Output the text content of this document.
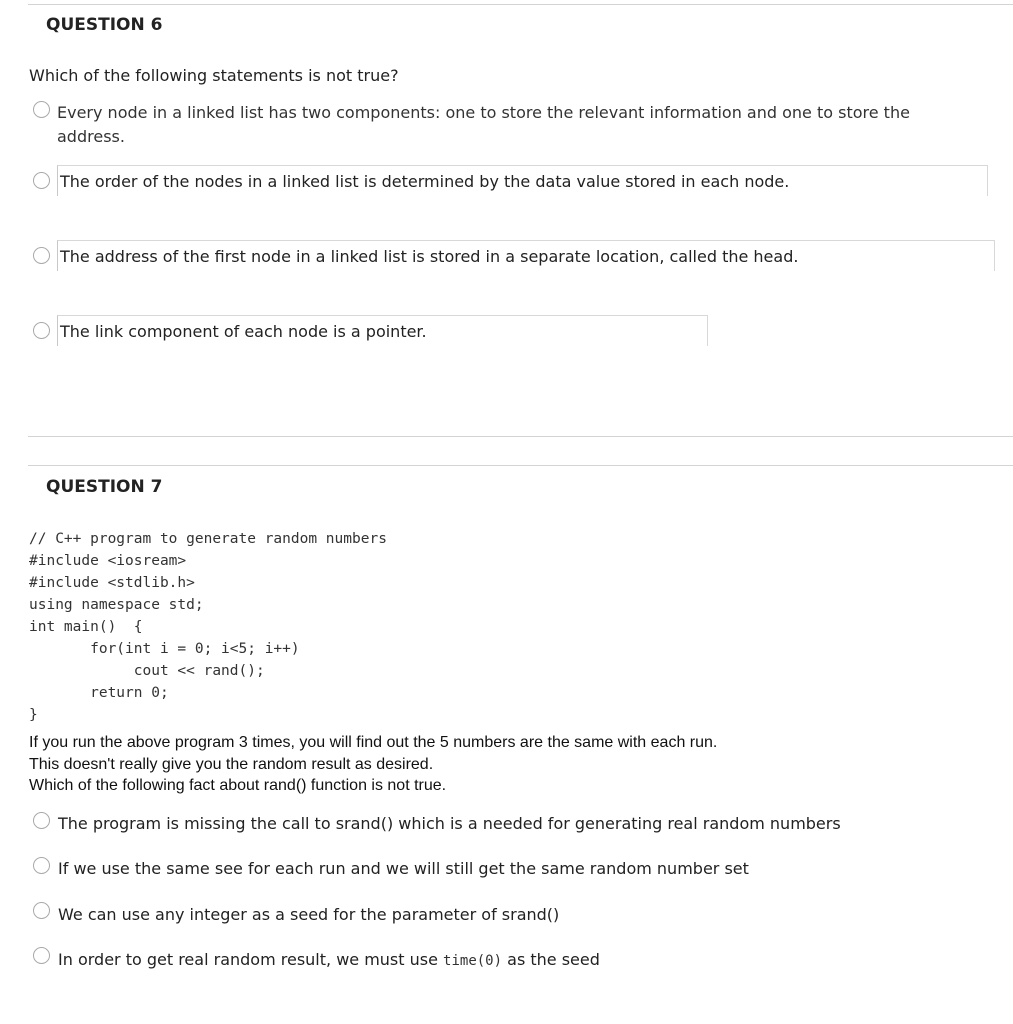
QUESTION 6
Which of the following statements is not true?
Every node in a linked list has two components: one to store the relevant information and one to store the address.
The order of the nodes in a linked list is determined by the data value stored in each node.
The address of the first node in a linked list is stored in a separate location, called the head.
The link component of each node is a pointer.
QUESTION 7
// C++ program to generate random numbers
#include <iosream>
#include <stdlib.h>
using namespace std;
int main()  {
for(int i = 0; i<5; i++)
cout << rand();
return 0;
}
If you run the above program 3 times, you will find out the 5 numbers are the same with each run.
This doesn't really give you the random result as desired.
Which of the following fact about rand() function is not true.
The program is missing the call to srand() which is a needed for generating real random numbers
If we use the same see for each run and we will still get the same random number set
We can use any integer as a seed for the parameter of srand()
In order to get real random result, we must use time(0) as the seed
